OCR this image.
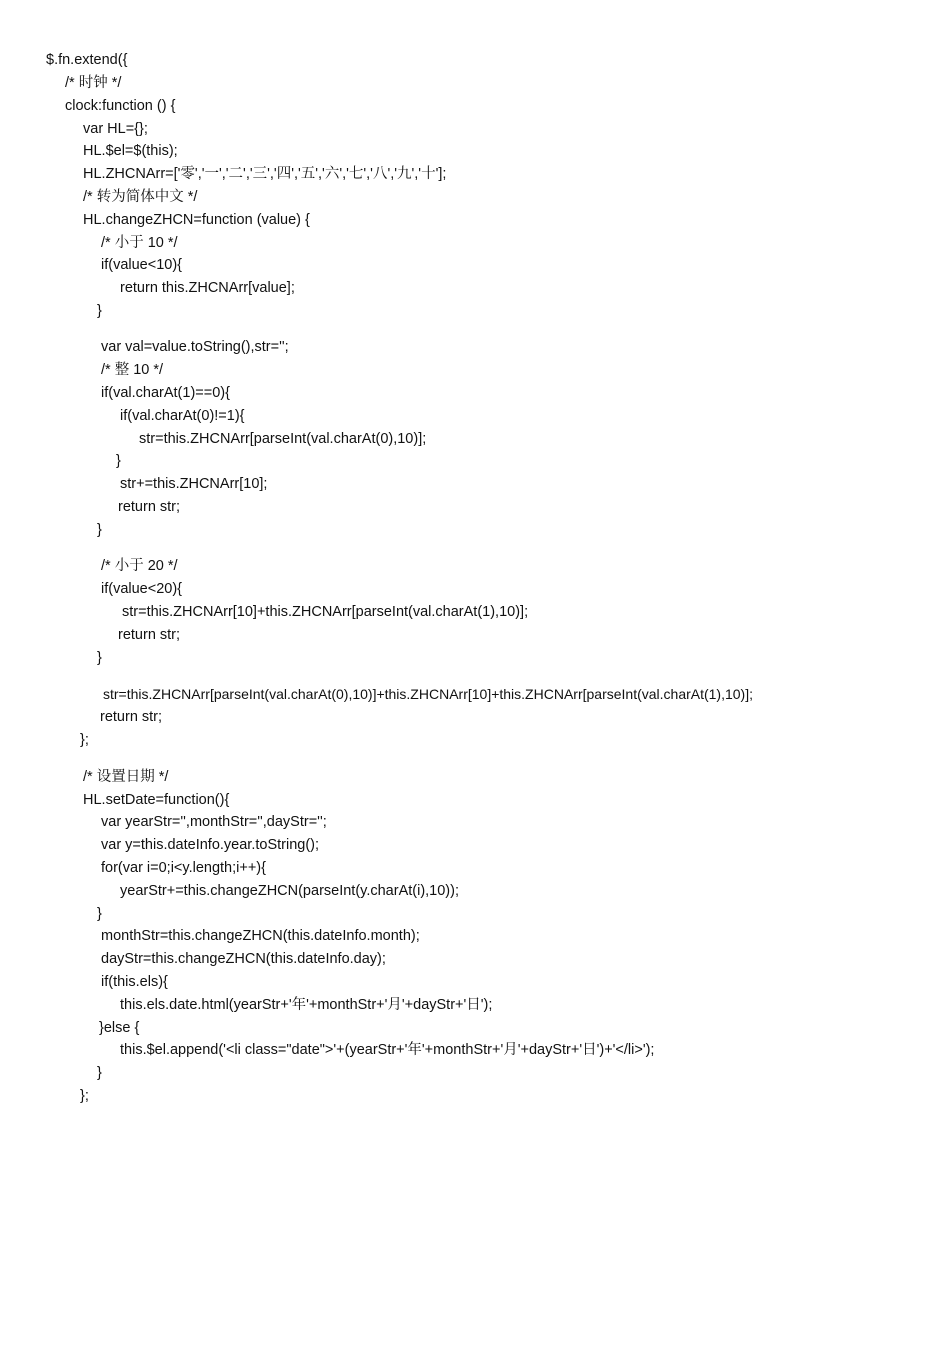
$.fn.extend({
/* 时钟 */
clock:function () {
var HL={};
HL.$el=$(this);
HL.ZHCNArr=['零','一','二','三','四','五','六','七','八','九','十'];
/* 转为简体中文 */
HL.changeZHCN=function (value) {
/* 小于 10 */
if(value<10){
return this.ZHCNArr[value];
}
var val=value.toString(),str='';
/* 整 10 */
if(val.charAt(1)==0){
if(val.charAt(0)!=1){
str=this.ZHCNArr[parseInt(val.charAt(0),10)];
}
str+=this.ZHCNArr[10];
return str;
}
/* 小于 20 */
if(value<20){
str=this.ZHCNArr[10]+this.ZHCNArr[parseInt(val.charAt(1),10)];
return str;
}
str=this.ZHCNArr[parseInt(val.charAt(0),10)]+this.ZHCNArr[10]+this.ZHCNArr[parseInt(val.charAt(1),10)];
return str;
};
/* 设置日期 */
HL.setDate=function(){
var yearStr='',monthStr='',dayStr='';
var y=this.dateInfo.year.toString();
for(var i=0;i<y.length;i++){
yearStr+=this.changeZHCN(parseInt(y.charAt(i),10));
}
monthStr=this.changeZHCN(this.dateInfo.month);
dayStr=this.changeZHCN(this.dateInfo.day);
if(this.els){
this.els.date.html(yearStr+'年'+monthStr+'月'+dayStr+'日');
}else {
this.$el.append('<li class="date">'+(yearStr+'年'+monthStr+'月'+dayStr+'日')+'</li>');
}
};
